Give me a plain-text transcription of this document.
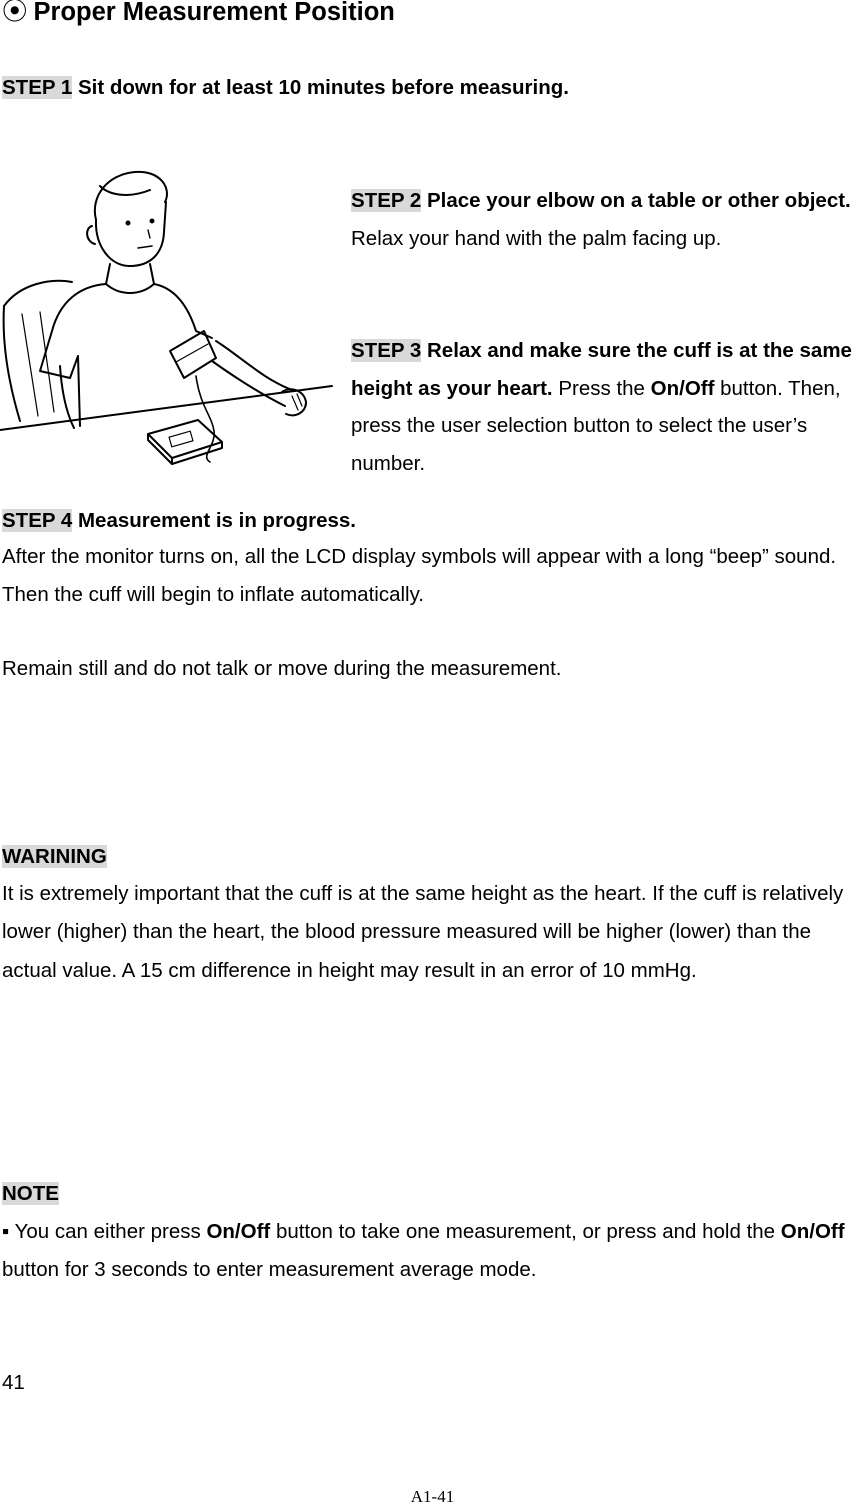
⦿ Proper Measurement Position
STEP 1 Sit down for at least 10 minutes before measuring.

STEP 2 Place your elbow on a table or other object. Relax your hand with the palm facing up.

STEP 3 Relax and make sure the cuff is at the same height as your heart. Press the On/Off button. Then, press the user selection button to select the user’s number.

STEP 4 Measurement is in progress.

After the monitor turns on, all the LCD display symbols will appear with a long “beep” sound. Then the cuff will begin to inflate automatically.

Remain still and do not talk or move during the measurement.

WARINING

It is extremely important that the cuff is at the same height as the heart. If the cuff is relatively lower (higher) than the heart, the blood pressure measured will be higher (lower) than the actual value. A 15 cm difference in height may result in an error of 10 mmHg.

NOTE

▪ You can either press On/Off button to take one measurement, or press and hold the On/Off button for 3 seconds to enter measurement average mode.

41
A1-41
